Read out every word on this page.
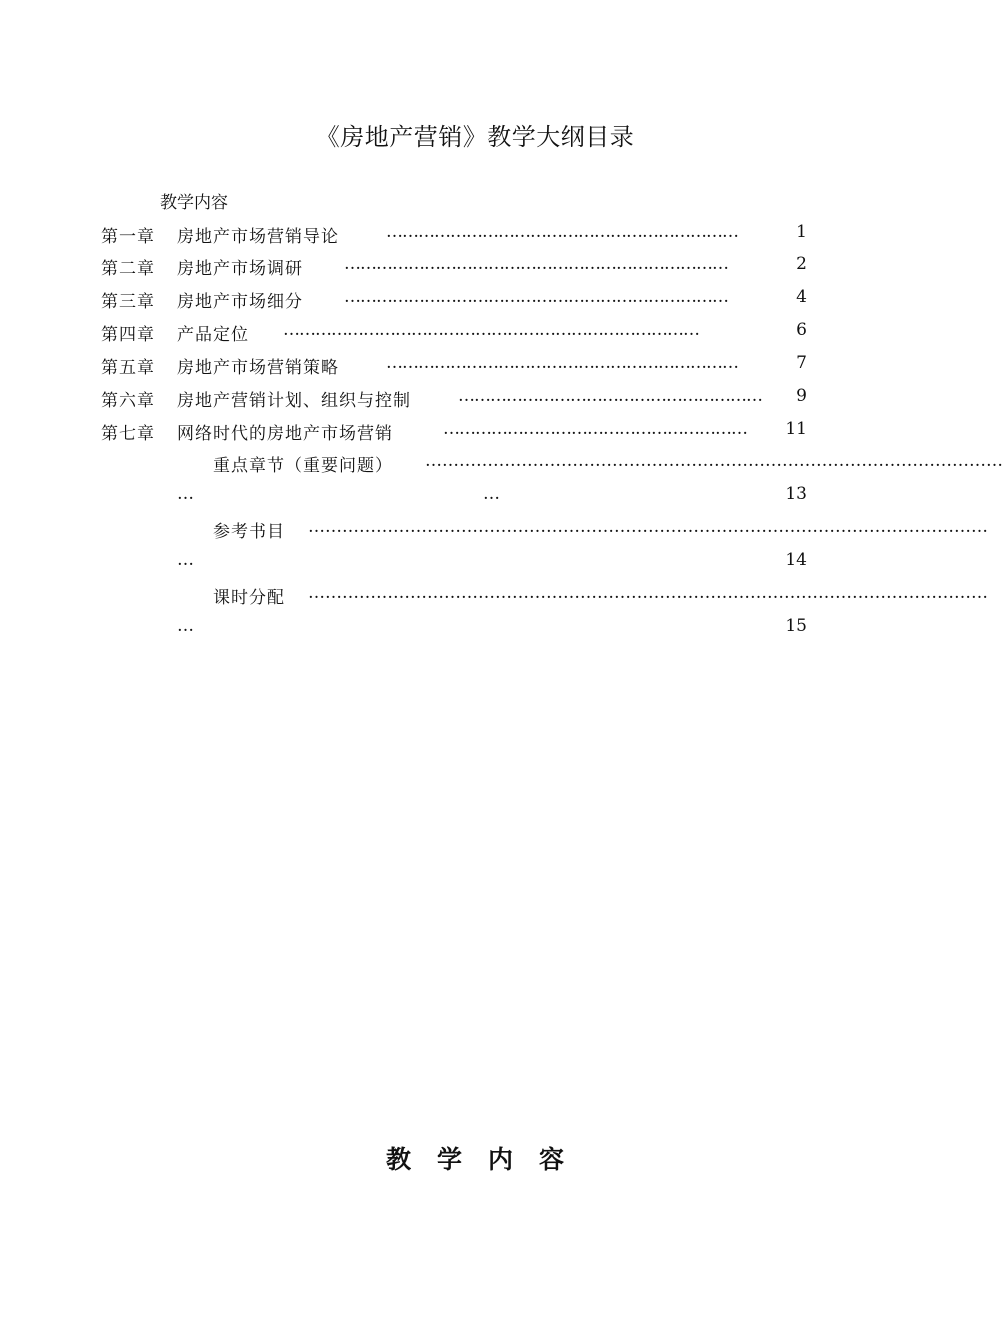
《房地产营销》教学大纲目录
教学内容
第一章 房地产市场营销导论	…………………………………………………………	1
第二章 房地产市场调研 ………………………………………………………………	2
第三章 房地产市场细分 ………………………………………………………………	4
第四章 产品定位 ……………………………………………………………………	6
第五章 房地产市场营销策略	…………………………………………………………	7
第六章 房地产营销计划、组织与控制	…………………………………………………	9
第七章 网络时代的房地产市场营销	…………………………………………………	11
重点章节（重要问题） …………………………………………………………………………………………
…	…	13
参考书目 …………………………………………………………………………………………………………
…	14
课时分配 …………………………………………………………………………………………………………
…	15
教学内容
